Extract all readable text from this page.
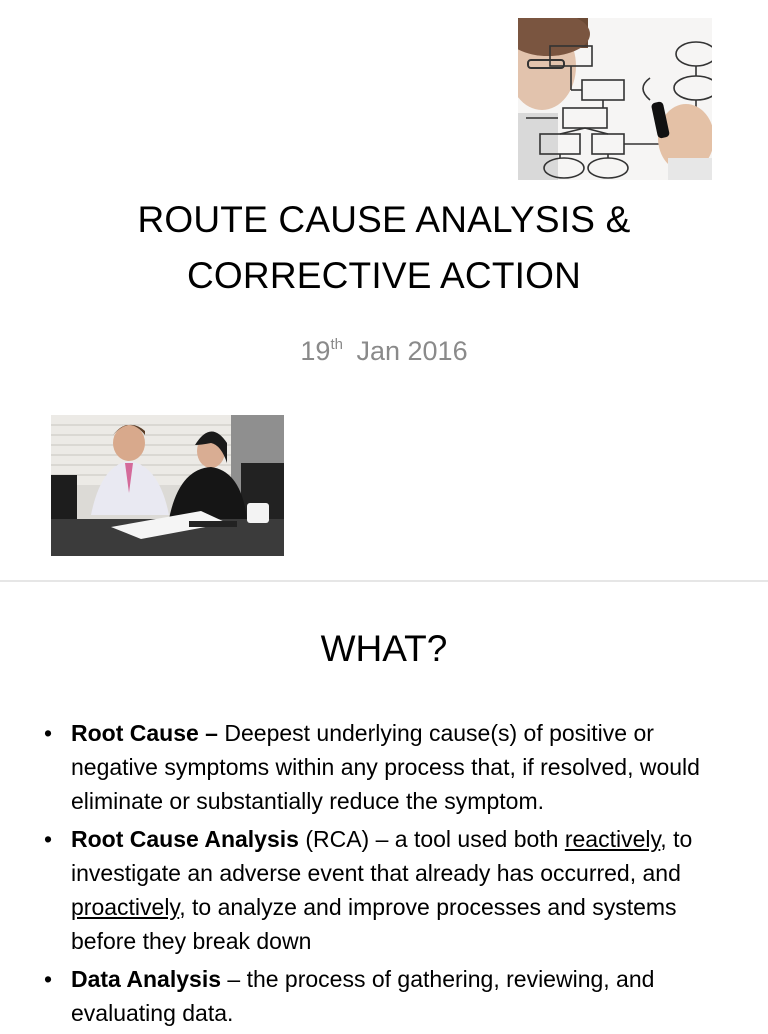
ROUTE CAUSE ANALYSIS &
CORRECTIVE ACTION
19th Jan 2016
WHAT?
• Root Cause – Deepest underlying cause(s) of positive or negative symptoms within any process that, if resolved, would eliminate or substantially reduce the symptom.
• Root Cause Analysis (RCA) – a tool used both reactively, to investigate an adverse event that already has occurred, and proactively, to analyze and improve processes and systems before they break down
• Data Analysis – the process of gathering, reviewing, and evaluating data.
